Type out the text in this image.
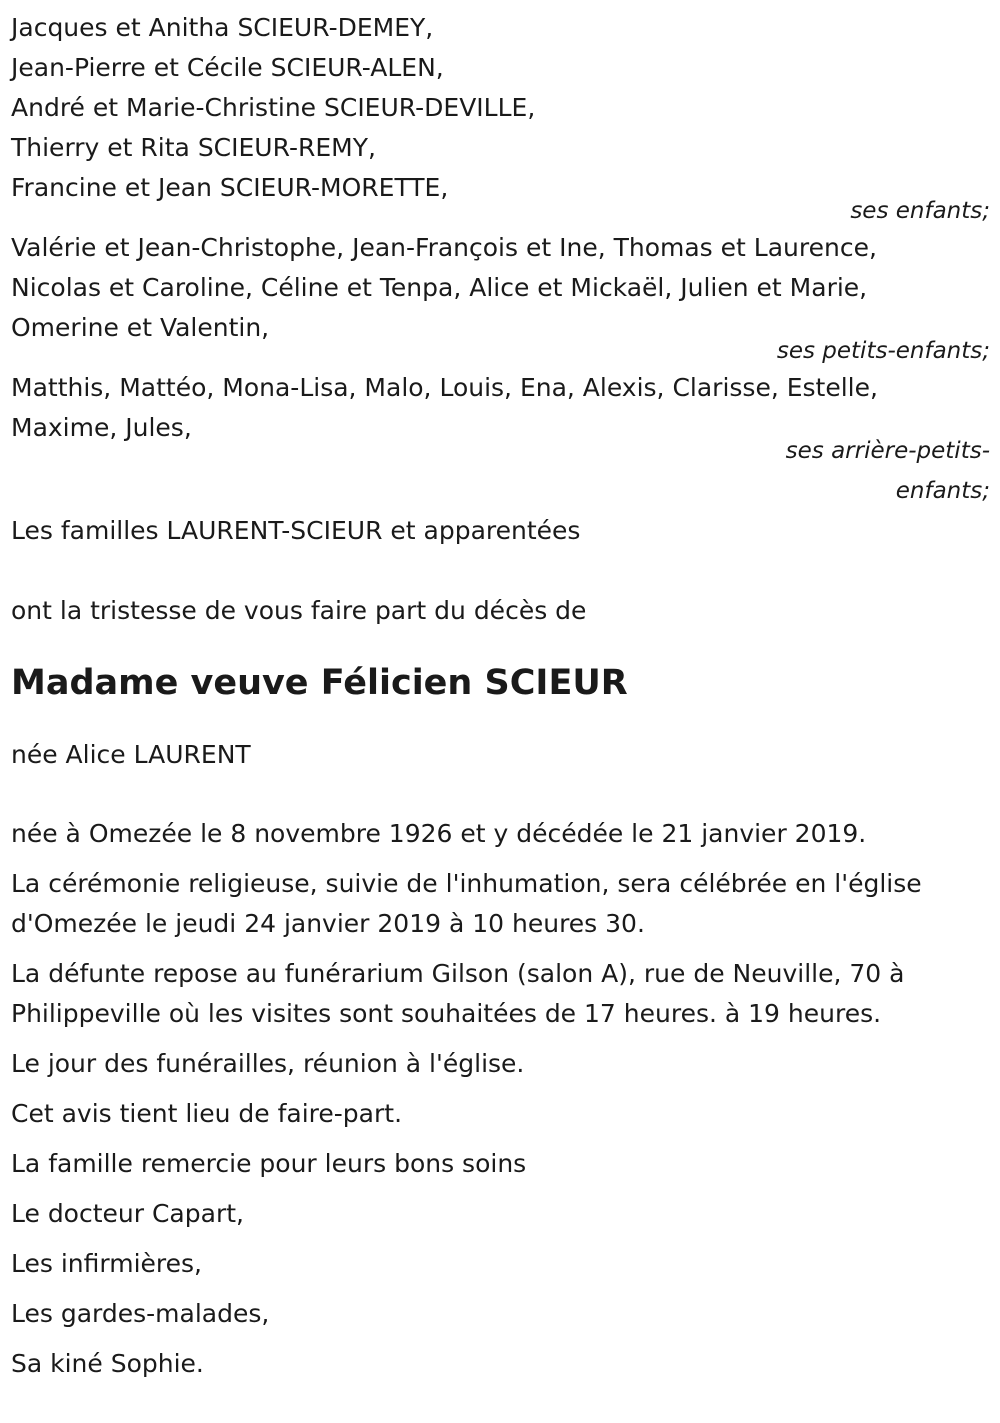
Jacques et Anitha SCIEUR-DEMEY,
Jean-Pierre et Cécile SCIEUR-ALEN,
André et Marie-Christine SCIEUR-DEVILLE,
Thierry et Rita SCIEUR-REMY,
Francine et Jean SCIEUR-MORETTE,
ses enfants;
Valérie et Jean-Christophe, Jean-François et Ine, Thomas et Laurence,
Nicolas et Caroline, Céline et Tenpa, Alice et Mickaël, Julien et Marie,
Omerine et Valentin,
ses petits-enfants;
Matthis, Mattéo, Mona-Lisa, Malo, Louis, Ena, Alexis, Clarisse, Estelle,
Maxime, Jules,
ses arrière-petits-
enfants;
Les familles LAURENT-SCIEUR et apparentées
ont la tristesse de vous faire part du décès de
Madame veuve Félicien SCIEUR
née Alice LAURENT
née à Omezée le 8 novembre 1926 et y décédée le 21 janvier 2019.
La cérémonie religieuse, suivie de l'inhumation, sera célébrée en l'église d'Omezée le jeudi 24 janvier 2019 à 10 heures 30.
La défunte repose au funérarium Gilson (salon A), rue de Neuville, 70 à Philippeville où les visites sont souhaitées de 17 heures. à 19 heures.
Le jour des funérailles, réunion à l'église.
Cet avis tient lieu de faire-part.
La famille remercie pour leurs bons soins
Le docteur Capart,
Les infirmières,
Les gardes-malades,
Sa kiné Sophie.
